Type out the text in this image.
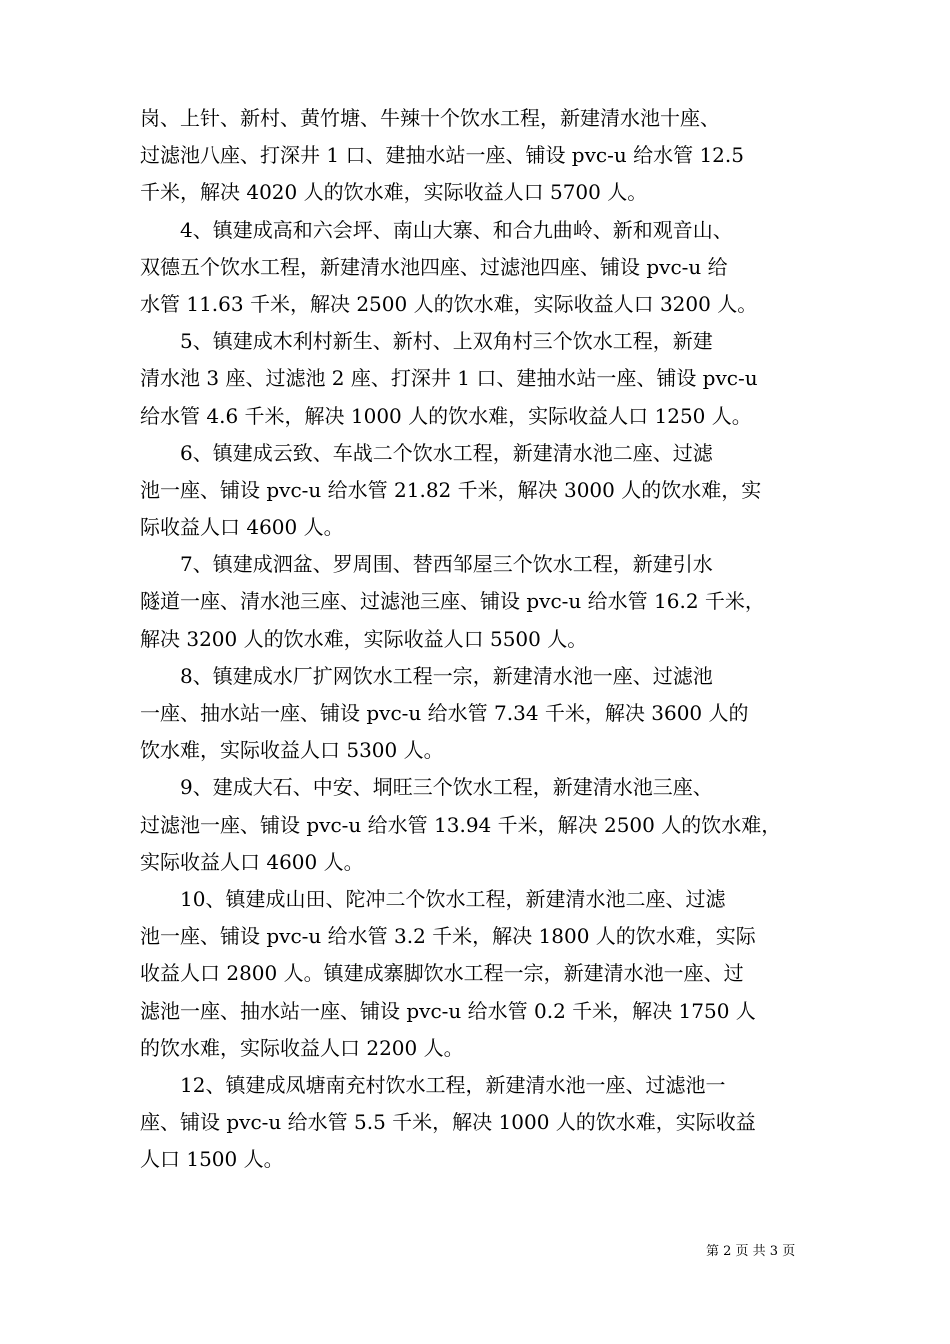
岗、上针、新村、黄竹塘、牛辣十个饮水工程，新建清水池十座、
过滤池八座、打深井 1 口、建抽水站一座、铺设 pvc-u 给水管 12.5
千米，解决 4020 人的饮水难，实际收益人口 5700 人。
　　4、镇建成高和六会坪、南山大寨、和合九曲岭、新和观音山、
双德五个饮水工程，新建清水池四座、过滤池四座、铺设 pvc-u 给
水管 11.63 千米，解决 2500 人的饮水难，实际收益人口 3200 人。
　　5、镇建成木利村新生、新村、上双角村三个饮水工程，新建
清水池 3 座、过滤池 2 座、打深井 1 口、建抽水站一座、铺设 pvc-u
给水管 4.6 千米，解决 1000 人的饮水难，实际收益人口 1250 人。
　　6、镇建成云致、车战二个饮水工程，新建清水池二座、过滤
池一座、铺设 pvc-u 给水管 21.82 千米，解决 3000 人的饮水难，实
际收益人口 4600 人。
　　7、镇建成泗盆、罗周围、替西邹屋三个饮水工程，新建引水
隧道一座、清水池三座、过滤池三座、铺设 pvc-u 给水管 16.2 千米，
解决 3200 人的饮水难，实际收益人口 5500 人。
　　8、镇建成水厂扩网饮水工程一宗，新建清水池一座、过滤池
一座、抽水站一座、铺设 pvc-u 给水管 7.34 千米，解决 3600 人的
饮水难，实际收益人口 5300 人。
　　9、建成大石、中安、垌旺三个饮水工程，新建清水池三座、
过滤池一座、铺设 pvc-u 给水管 13.94 千米，解决 2500 人的饮水难，
实际收益人口 4600 人。
　　10、镇建成山田、陀冲二个饮水工程，新建清水池二座、过滤
池一座、铺设 pvc-u 给水管 3.2 千米，解决 1800 人的饮水难，实际
收益人口 2800 人。镇建成寨脚饮水工程一宗，新建清水池一座、过
滤池一座、抽水站一座、铺设 pvc-u 给水管 0.2 千米，解决 1750 人
的饮水难，实际收益人口 2200 人。
　　12、镇建成凤塘南充村饮水工程，新建清水池一座、过滤池一
座、铺设 pvc-u 给水管 5.5 千米，解决 1000 人的饮水难，实际收益
人口 1500 人。
第 2 页 共 3 页
